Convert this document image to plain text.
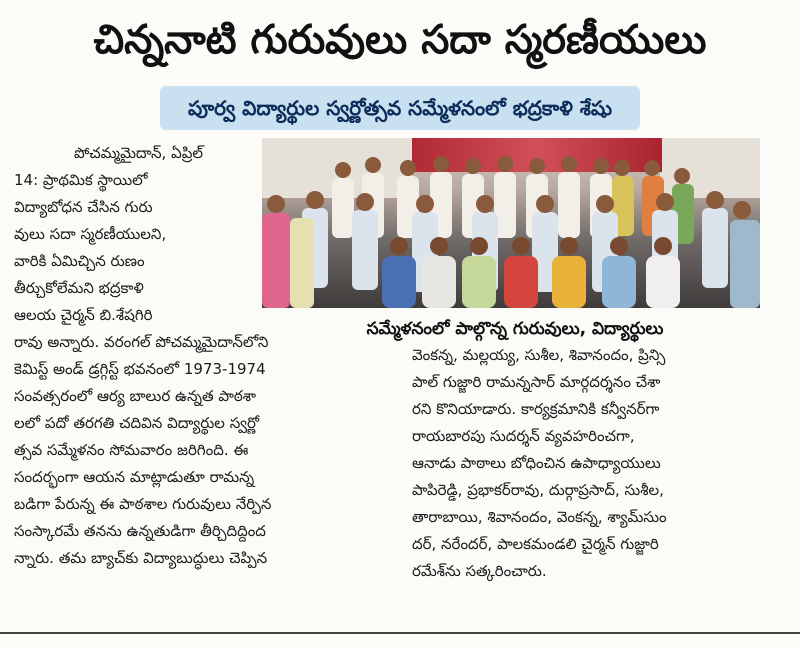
చిన్ననాటి గురువులు సదా స్మరణీయులు
పూర్వ విద్యార్థుల స్వర్ణోత్సవ సమ్మేళనంలో భద్రకాళి శేషు
సమ్మేళనంలో పాల్గొన్న గురువులు, విద్యార్థులు
పోచమ్మమైదాన్, ఏప్రిల్
14: ప్రాథమిక స్థాయిలో
విద్యాబోధన చేసిన గురు
వులు సదా స్మరణీయులని,
వారికి ఏమిచ్చిన రుణం
తీర్చుకోలేమని భద్రకాళి
ఆలయ చైర్మన్ బి.శేషగిరి
రావు అన్నారు. వరంగల్ పోచమ్మమైదాన్‌లోని
కెమిస్ట్ అండ్ డ్రగ్గిస్ట్ భవనంలో 1973-1974
సంవత్సరంలో ఆర్య బాలుర ఉన్నత పాఠశా
లలో పదో తరగతి చదివిన విద్యార్థుల స్వర్ణో
త్సవ సమ్మేళనం సోమవారం జరిగింది. ఈ
సందర్భంగా ఆయన మాట్లాడుతూ రామన్న
బడిగా పేరున్న ఈ పాఠశాల గురువులు నేర్పిన
సంస్కారమే తనను ఉన్నతుడిగా తీర్చిదిద్దింద
న్నారు. తమ బ్యాచ్‌కు విద్యాబుద్ధులు చెప్పిన
వెంకన్న, మల్లయ్య, సుశీల, శివానందం, ప్రిన్సి
పాల్ గుజ్జారి రామన్నసార్ మార్గదర్శనం చేశా
రని కొనియాడారు. కార్యక్రమానికి కన్వీనర్‌గా
రాయబారపు సుదర్శన్ వ్యవహరించగా,
ఆనాడు పాఠాలు బోధించిన ఉపాధ్యాయులు
పాపిరెడ్డి, ప్రభాకర్‌రావు, దుర్గాప్రసాద్, సుశీల,
తారాబాయి, శివానందం, వెంకన్న, శ్యామ్‌సుం
దర్, నరేందర్, పాలకమండలి చైర్మన్ గుజ్జారి
రమేశ్‌ను సత్కరించారు.
